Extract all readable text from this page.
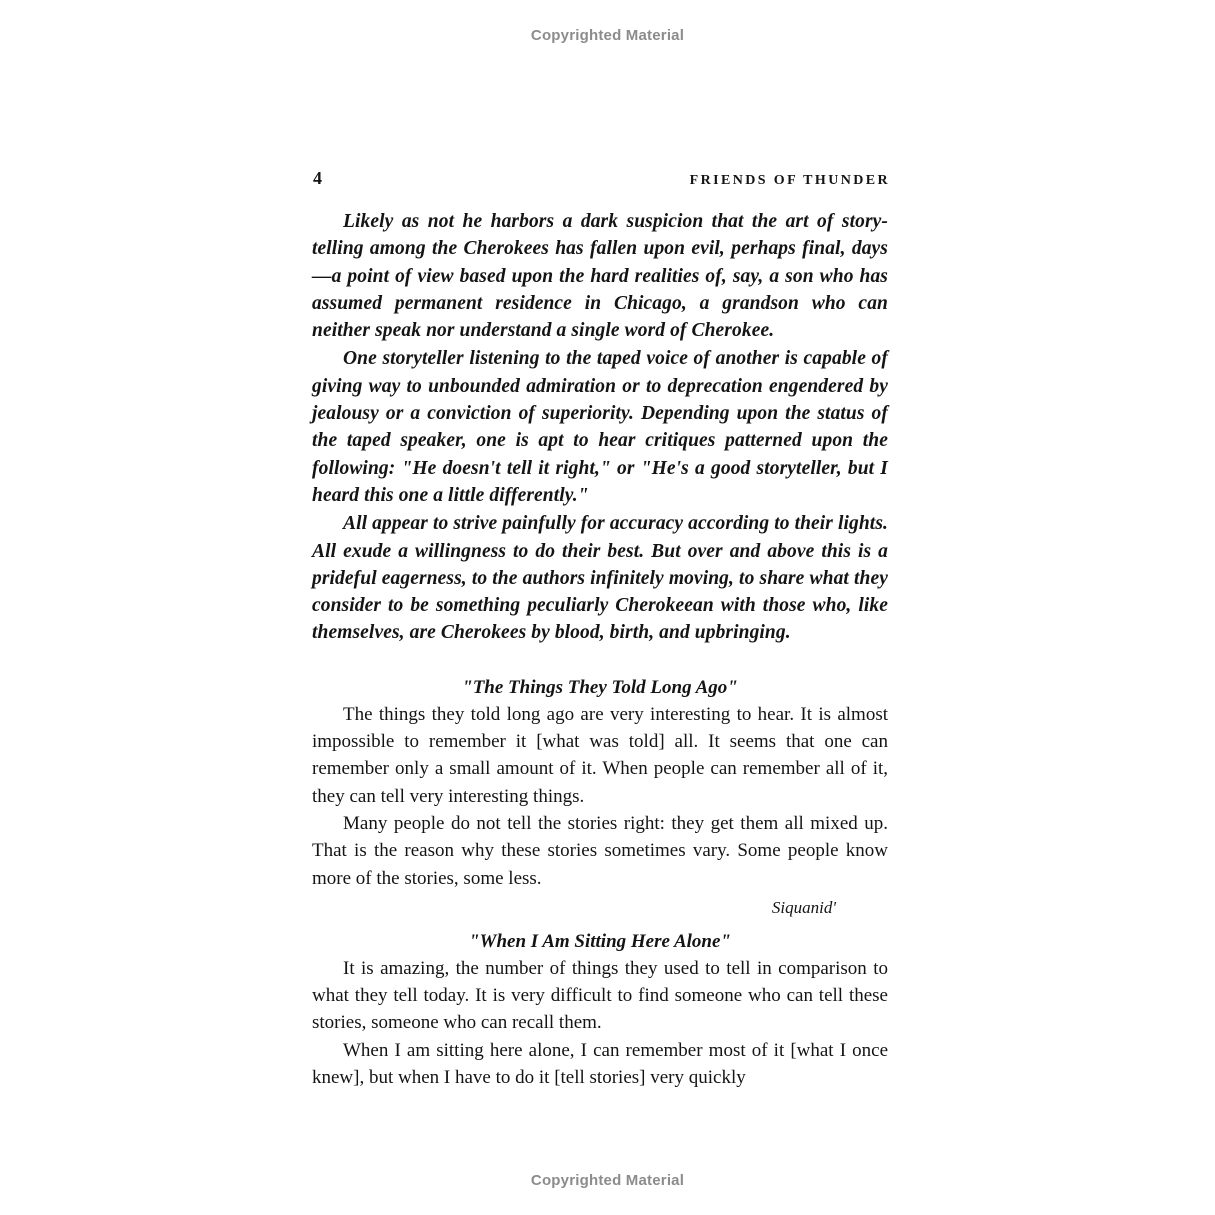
Copyrighted Material
4	FRIENDS OF THUNDER

Likely as not he harbors a dark suspicion that the art of story-telling among the Cherokees has fallen upon evil, perhaps final, days—a point of view based upon the hard realities of, say, a son who has assumed permanent residence in Chicago, a grandson who can neither speak nor understand a single word of Cherokee.

One storyteller listening to the taped voice of another is capable of giving way to unbounded admiration or to deprecation engendered by jealousy or a conviction of superiority. Depending upon the status of the taped speaker, one is apt to hear critiques patterned upon the following: "He doesn't tell it right," or "He's a good storyteller, but I heard this one a little differently."

All appear to strive painfully for accuracy according to their lights. All exude a willingness to do their best. But over and above this is a prideful eagerness, to the authors infinitely moving, to share what they consider to be something peculiarly Cherokeean with those who, like themselves, are Cherokees by blood, birth, and upbringing.

"The Things They Told Long Ago"

The things they told long ago are very interesting to hear. It is almost impossible to remember it [what was told] all. It seems that one can remember only a small amount of it. When people can remember all of it, they can tell very interesting things.

Many people do not tell the stories right: they get them all mixed up. That is the reason why these stories sometimes vary. Some people know more of the stories, some less.

Siquanid'
"When I Am Sitting Here Alone"

It is amazing, the number of things they used to tell in comparison to what they tell today. It is very difficult to find someone who can tell these stories, someone who can recall them.

When I am sitting here alone, I can remember most of it [what I once knew], but when I have to do it [tell stories] very quickly

Copyrighted Material
